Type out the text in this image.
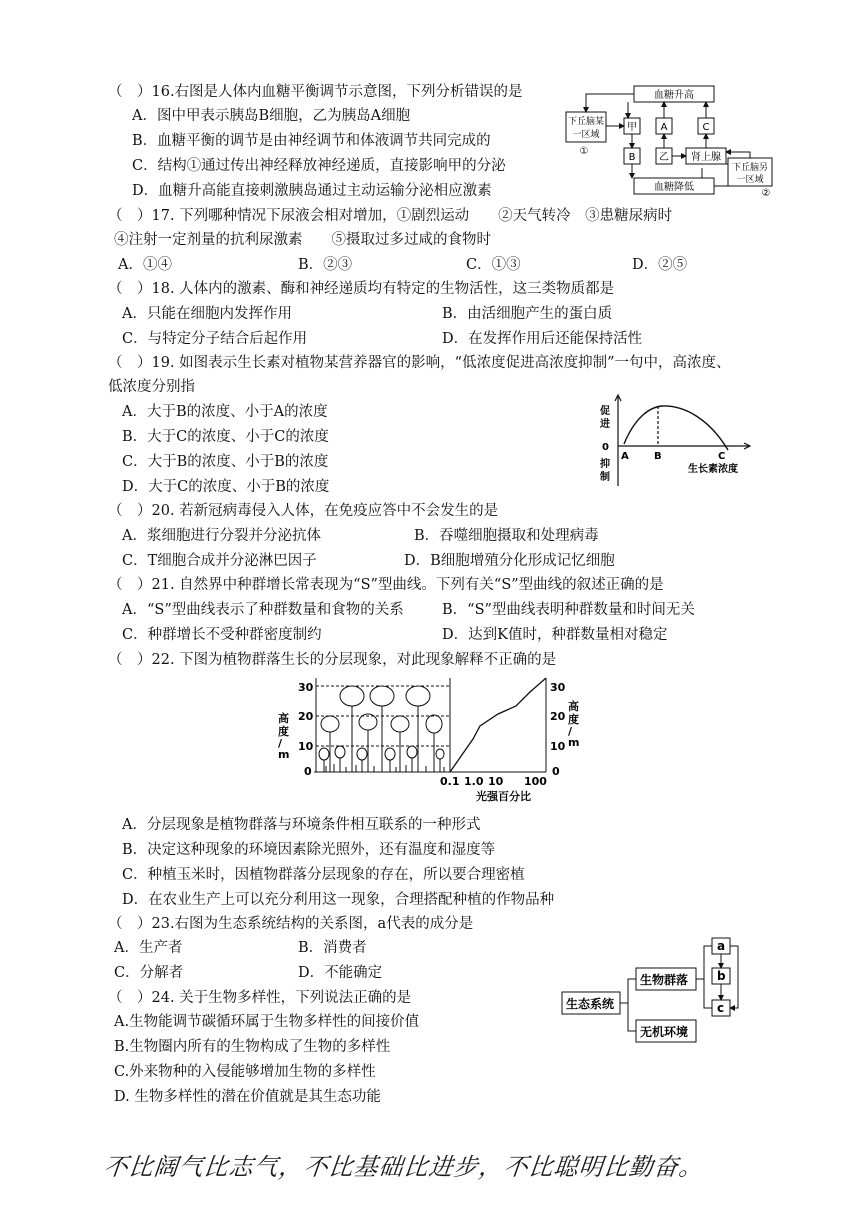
（　）16.右图是人体内血糖平衡调节示意图，下列分析错误的是
A．图中甲表示胰岛B细胞，乙为胰岛A细胞
B．血糖平衡的调节是由神经调节和体液调节共同完成的
C．结构①通过传出神经释放神经递质，直接影响甲的分泌
D．血糖升高能直接刺激胰岛通过主动运输分泌相应激素
血糖升高
血糖降低
下丘脑某
一区域
①
甲
B
A
乙
C
肾上腺
下丘脑另
一区域
②
（　）17. 下列哪种情况下尿液会相对增加，①剧烈运动　　②天气转冷　③患糖尿病时
④注射一定剂量的抗利尿激素　　⑤摄取过多过咸的食物时
A．①④	B．②③	C．①③	D．②⑤
（　）18. 人体内的激素、酶和神经递质均有特定的生物活性，这三类物质都是
A．只能在细胞内发挥作用	B．由活细胞产生的蛋白质
C．与特定分子结合后起作用	D．在发挥作用后还能保持活性
（　）19. 如图表示生长素对植物某营养器官的影响，“低浓度促进高浓度抑制”一句中，高浓度、
低浓度分别指
A．大于B的浓度、小于A的浓度
B．大于C的浓度、小于C的浓度
C．大于B的浓度、小于B的浓度
D．大于C的浓度、小于B的浓度
促
进
0
抑
制
A	B	C
生长素浓度
（　）20. 若新冠病毒侵入人体，在免疫应答中不会发生的是
A．浆细胞进行分裂并分泌抗体	B．吞噬细胞摄取和处理病毒
C．T细胞合成并分泌淋巴因子	D．B细胞增殖分化形成记忆细胞
（　）21. 自然界中种群增长常表现为“S”型曲线。下列有关“S”型曲线的叙述正确的是
A．“S”型曲线表示了种群数量和食物的关系	B．“S”型曲线表明种群数量和时间无关
C．种群增长不受种群密度制约	D．达到K值时，种群数量相对稳定
（　）22. 下图为植物群落生长的分层现象，对此现象解释不正确的是
高
度
/
m
30
20
10
0
30
20
10
0
高
度
/
m
0.1 1.0 10 100
光强百分比
A．分层现象是植物群落与环境条件相互联系的一种形式
B．决定这种现象的环境因素除光照外，还有温度和湿度等
C．种植玉米时，因植物群落分层现象的存在，所以要合理密植
D．在农业生产上可以充分利用这一现象，合理搭配种植的作物品种
（　）23.右图为生态系统结构的关系图，a代表的成分是
A．生产者	B．消费者
C．分解者	D．不能确定
生态系统
生物群落
无机环境
a
b
c
（　）24. 关于生物多样性，下列说法正确的是
A.生物能调节碳循环属于生物多样性的间接价值
B.生物圈内所有的生物构成了生物的多样性
C.外来物种的入侵能够增加生物的多样性
D. 生物多样性的潜在价值就是其生态功能
不比阔气比志气，不比基础比进步，不比聪明比勤奋。
